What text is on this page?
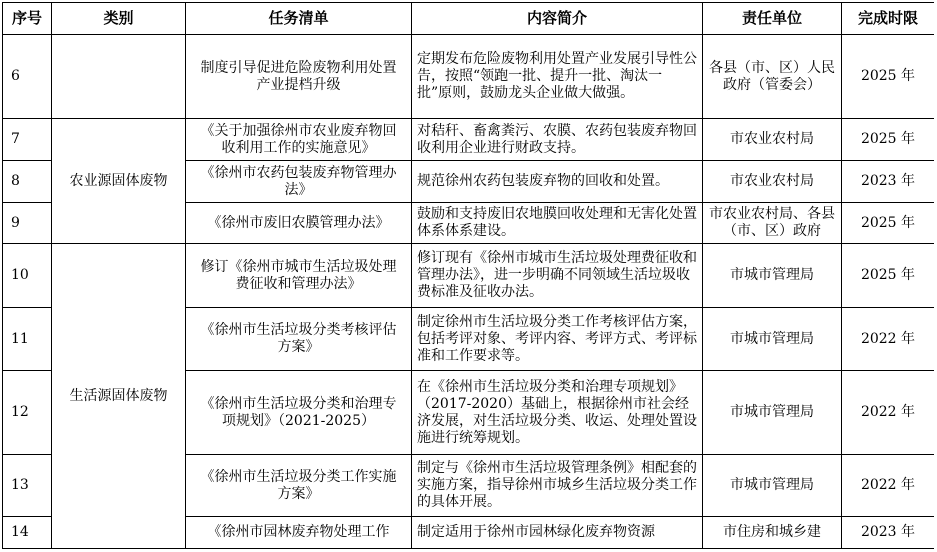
序号	类别	任务清单	内容简介	责任单位	完成时限
6		制度引导促进危险废物利用处置产业提档升级	定期发布危险废物利用处置产业发展引导性公告，按照“领跑一批、提升一批、淘汰一批”原则，鼓励龙头企业做大做强。	各县（市、区）人民政府（管委会）	2025 年
7	农业源固体废物	《关于加强徐州市农业废弃物回收利用工作的实施意见》	对秸秆、畜禽粪污、农膜、农药包装废弃物回收利用企业进行财政支持。	市农业农村局	2025 年
8		《徐州市农药包装废弃物管理办法》	规范徐州农药包装废弃物的回收和处置。	市农业农村局	2023 年
9		《徐州市废旧农膜管理办法》	鼓励和支持废旧农地膜回收处理和无害化处置体系体系建设。	市农业农村局、各县（市、区）政府	2025 年
10	生活源固体废物	修订《徐州市城市生活垃圾处理费征收和管理办法》	修订现有《徐州市城市生活垃圾处理费征收和管理办法》，进一步明确不同领域生活垃圾收费标准及征收办法。	市城市管理局	2025 年
11		《徐州市生活垃圾分类考核评估方案》	制定徐州市生活垃圾分类工作考核评估方案，包括考评对象、考评内容、考评方式、考评标准和工作要求等。	市城市管理局	2022 年
12		《徐州市生活垃圾分类和治理专项规划》（2021-2025）	在《徐州市生活垃圾分类和治理专项规划》（2017-2020）基础上，根据徐州市社会经济发展，对生活垃圾分类、收运、处理处置设施进行统筹规划。	市城市管理局	2022 年
13		《徐州市生活垃圾分类工作实施方案》	制定与《徐州市生活垃圾管理条例》相配套的实施方案，指导徐州市城乡生活垃圾分类工作的具体开展。	市城市管理局	2022 年
14		《徐州市园林废弃物处理工作	制定适用于徐州市园林绿化废弃物资源	市住房和城乡建	2023 年
